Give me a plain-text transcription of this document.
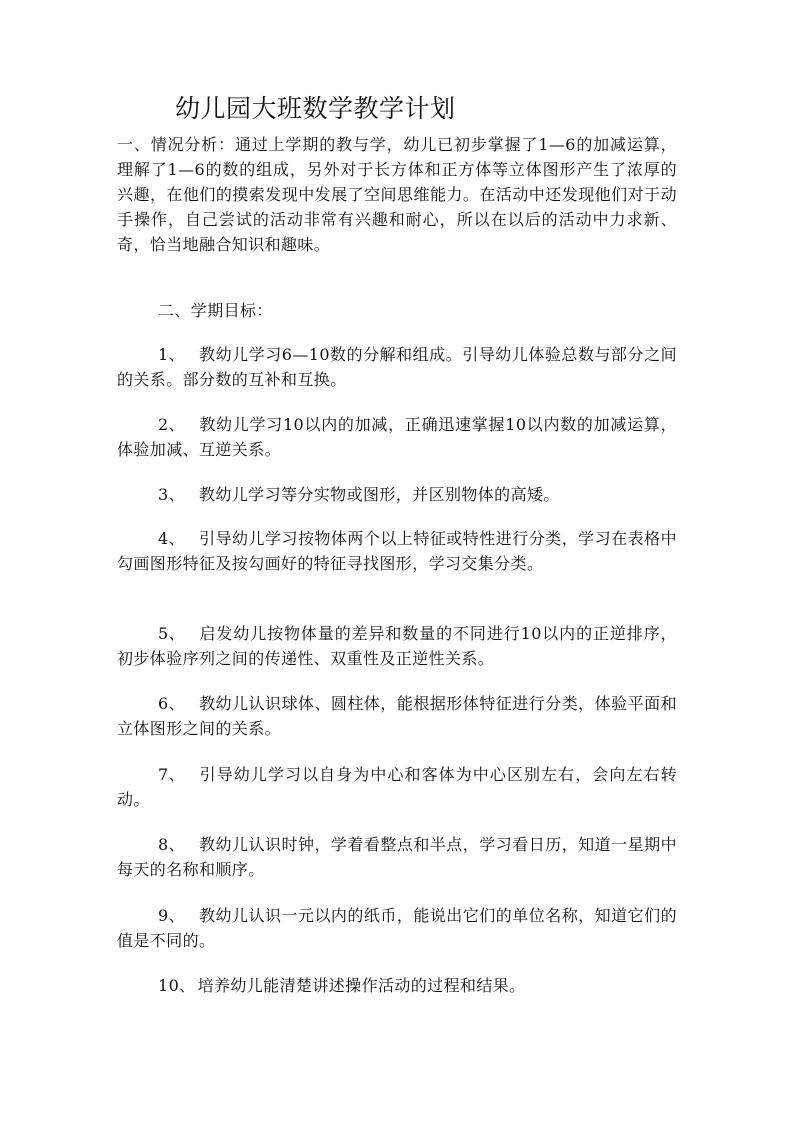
幼儿园大班数学教学计划

一、情况分析：通过上学期的教与学，幼儿已初步掌握了1—6的加减运算，理解了1—6的数的组成，另外对于长方体和正方体等立体图形产生了浓厚的兴趣，在他们的摸索发现中发展了空间思维能力。在活动中还发现他们对于动手操作，自己尝试的活动非常有兴趣和耐心，所以在以后的活动中力求新、奇，恰当地融合知识和趣味。

二、学期目标：

1、 教幼儿学习6—10数的分解和组成。引导幼儿体验总数与部分之间的关系。部分数的互补和互换。

2、 教幼儿学习10以内的加减，正确迅速掌握10以内数的加减运算，体验加减、互逆关系。

3、 教幼儿学习等分实物或图形，并区别物体的高矮。

4、 引导幼儿学习按物体两个以上特征或特性进行分类，学习在表格中勾画图形特征及按勾画好的特征寻找图形，学习交集分类。

5、 启发幼儿按物体量的差异和数量的不同进行10以内的正逆排序，初步体验序列之间的传递性、双重性及正逆性关系。

6、 教幼儿认识球体、圆柱体，能根据形体特征进行分类，体验平面和立体图形之间的关系。

7、 引导幼儿学习以自身为中心和客体为中心区别左右，会向左右转动。

8、 教幼儿认识时钟，学着看整点和半点，学习看日历，知道一星期中每天的名称和顺序。

9、 教幼儿认识一元以内的纸币，能说出它们的单位名称，知道它们的值是不同的。

10、 培养幼儿能清楚讲述操作活动的过程和结果。
